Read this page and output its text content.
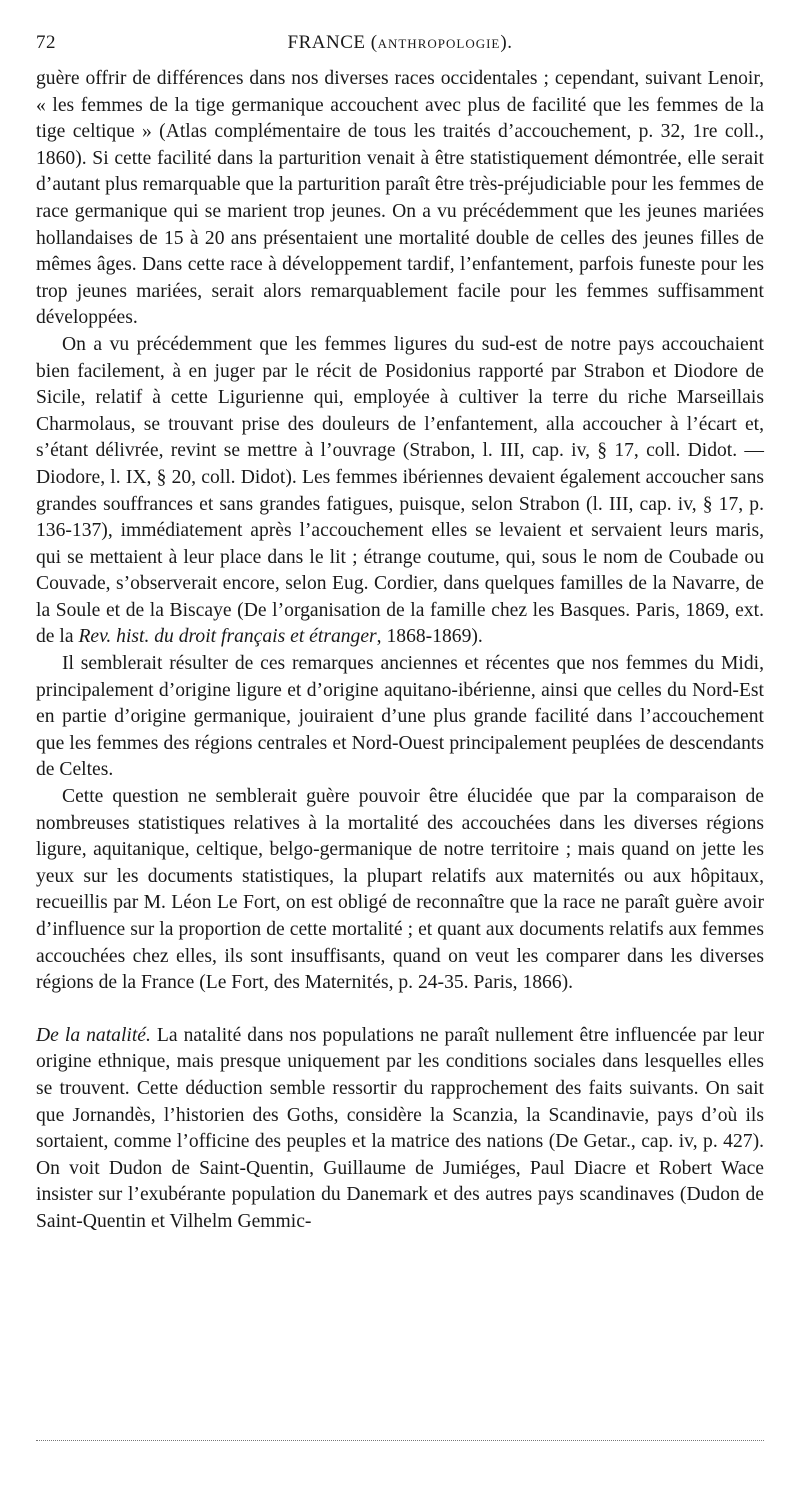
72	FRANCE (ANTHROPOLOGIE).

guère offrir de différences dans nos diverses races occidentales ; cependant, suivant Lenoir, « les femmes de la tige germanique accouchent avec plus de facilité que les femmes de la tige celtique » (Atlas complémentaire de tous les traités d’accouchement, p. 32, 1re coll., 1860). Si cette facilité dans la parturition venait à être statistiquement démontrée, elle serait d’autant plus remarquable que la parturition paraît être très-préjudiciable pour les femmes de race germanique qui se marient trop jeunes. On a vu précédemment que les jeunes mariées hollandaises de 15 à 20 ans présentaient une mortalité double de celles des jeunes filles de mêmes âges. Dans cette race à développement tardif, l’enfantement, parfois funeste pour les trop jeunes mariées, serait alors remarquablement facile pour les femmes suffisamment développées.

On a vu précédemment que les femmes ligures du sud-est de notre pays accouchaient bien facilement, à en juger par le récit de Posidonius rapporté par Strabon et Diodore de Sicile, relatif à cette Ligurienne qui, employée à cultiver la terre du riche Marseillais Charmolaus, se trouvant prise des douleurs de l’enfantement, alla accoucher à l’écart et, s’étant délivrée, revint se mettre à l’ouvrage (Strabon, l. III, cap. iv, § 17, coll. Didot. — Diodore, l. IX, § 20, coll. Didot). Les femmes ibériennes devaient également accoucher sans grandes souffrances et sans grandes fatigues, puisque, selon Strabon (l. III, cap. iv, § 17, p. 136-137), immédiatement après l’accouchement elles se levaient et servaient leurs maris, qui se mettaient à leur place dans le lit ; étrange coutume, qui, sous le nom de Coubade ou Couvade, s’observerait encore, selon Eug. Cordier, dans quelques familles de la Navarre, de la Soule et de la Biscaye (De l’organisation de la famille chez les Basques. Paris, 1869, ext. de la Rev. hist. du droit français et étranger, 1868-1869).

Il semblerait résulter de ces remarques anciennes et récentes que nos femmes du Midi, principalement d’origine ligure et d’origine aquitano-ibérienne, ainsi que celles du Nord-Est en partie d’origine germanique, jouiraient d’une plus grande facilité dans l’accouchement que les femmes des régions centrales et Nord-Ouest principalement peuplées de descendants de Celtes.

Cette question ne semblerait guère pouvoir être élucidée que par la comparaison de nombreuses statistiques relatives à la mortalité des accouchées dans les diverses régions ligure, aquitanique, celtique, belgo-germanique de notre territoire ; mais quand on jette les yeux sur les documents statistiques, la plupart relatifs aux maternités ou aux hôpitaux, recueillis par M. Léon Le Fort, on est obligé de reconnaître que la race ne paraît guère avoir d’influence sur la proportion de cette mortalité ; et quant aux documents relatifs aux femmes accouchées chez elles, ils sont insuffisants, quand on veut les comparer dans les diverses régions de la France (Le Fort, des Maternités, p. 24-35. Paris, 1866).

De la natalité. La natalité dans nos populations ne paraît nullement être influencée par leur origine ethnique, mais presque uniquement par les conditions sociales dans lesquelles elles se trouvent. Cette déduction semble ressortir du rapprochement des faits suivants. On sait que Jornandès, l’historien des Goths, considère la Scanzia, la Scandinavie, pays d’où ils sortaient, comme l’officine des peuples et la matrice des nations (De Getar., cap. iv, p. 427). On voit Dudon de Saint-Quentin, Guillaume de Jumiéges, Paul Diacre et Robert Wace insister sur l’exubérante population du Danemark et des autres pays scandinaves (Dudon de Saint-Quentin et Vilhelm Gemmic-
